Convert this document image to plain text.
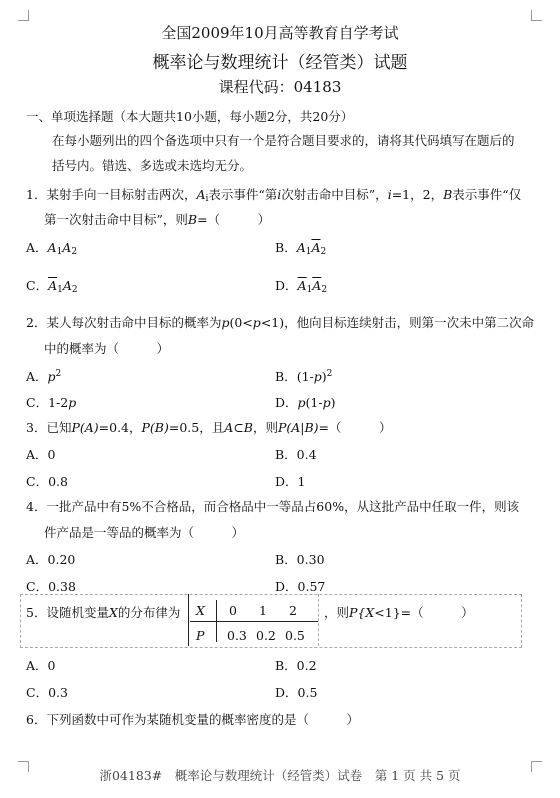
全国2009年10月高等教育自学考试
概率论与数理统计（经管类）试题
课程代码：04183
一、单项选择题（本大题共10小题，每小题2分，共20分）
在每小题列出的四个备选项中只有一个是符合题目要求的，请将其代码填写在题后的
括号内。错选、多选或未选均无分。
1．某射手向一目标射击两次，$A_i$表示事件“第i次射击命中目标”，i=1，2，B表示事件“仅
第一次射击命中目标”，则B=（　　　）
A．$A_1A_2$	B．$A_1\overline{A}_2$
C．$\overline{A}_1A_2$	D．$\overline{A}_1\overline{A}_2$
2．某人每次射击命中目标的概率为p(0<p<1)，他向目标连续射击，则第一次未中第二次命
中的概率为（　　　）
A．$p^2$	B．$(1-p)^2$
C．1-2p	D．p(1-p)
3．已知P(A)=0.4，P(B)=0.5，且A⊂B，则P(A|B)=（　　　）
A．0	B．0.4
C．0.8	D．1
4．一批产品中有5%不合格品，而合格品中一等品占60%，从这批产品中任取一件，则该
件产品是一等品的概率为（　　　）
A．0.20	B．0.30
C．0.38	D．0.57
5．设随机变量X的分布律为 X 0 1 2
P 0.3 0.2 0.5
，则P{X<1}=（　　　）
A．0	B．0.2
C．0.3	D．0.5
6．下列函数中可作为某随机变量的概率密度的是（　　　）
浙04183#　概率论与数理统计（经管类）试卷　第 1 页 共 5 页
